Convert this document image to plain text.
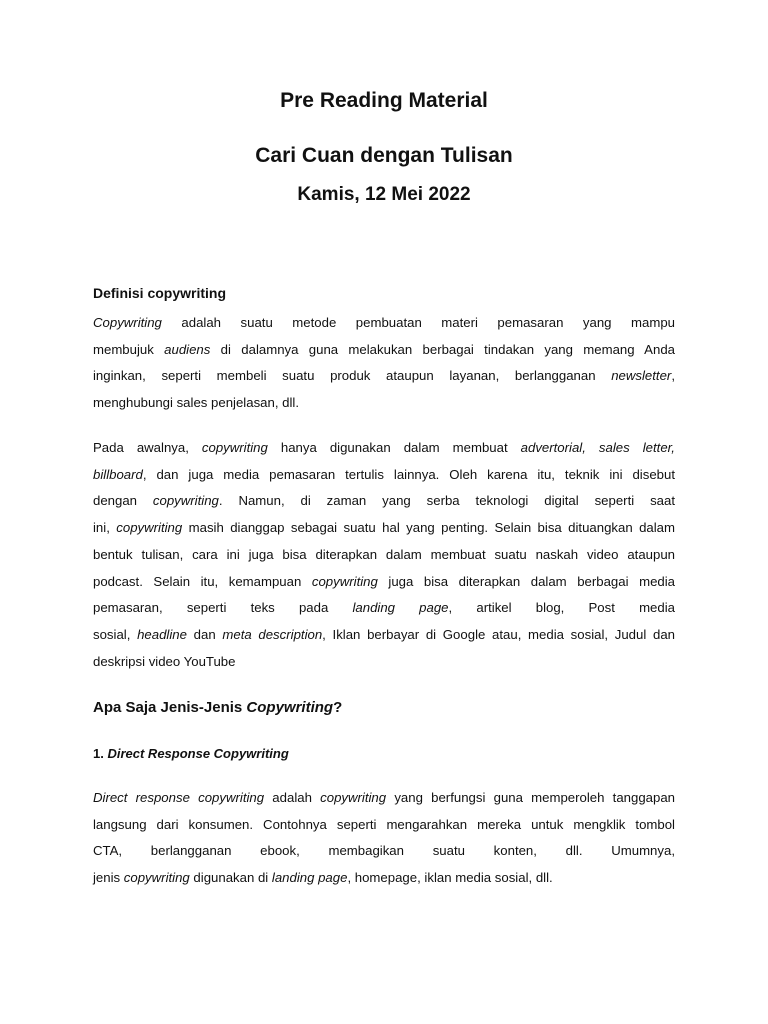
Pre Reading Material
Cari Cuan dengan Tulisan
Kamis, 12 Mei 2022
Definisi copywriting
Copywriting adalah suatu metode pembuatan materi pemasaran yang mampu
membujuk audiens di dalamnya guna melakukan berbagai tindakan yang memang Anda
inginkan, seperti membeli suatu produk ataupun layanan, berlangganan newsletter,
menghubungi sales penjelasan, dll.
Pada awalnya, copywriting hanya digunakan dalam membuat advertorial, sales letter,
billboard, dan juga media pemasaran tertulis lainnya. Oleh karena itu, teknik ini disebut
dengan copywriting. Namun, di zaman yang serba teknologi digital seperti saat
ini, copywriting masih dianggap sebagai suatu hal yang penting. Selain bisa dituangkan dalam
bentuk tulisan, cara ini juga bisa diterapkan dalam membuat suatu naskah video ataupun
podcast. Selain itu, kemampuan copywriting juga bisa diterapkan dalam berbagai media
pemasaran, seperti teks pada landing page, artikel blog, Post media
sosial, headline dan meta description, Iklan berbayar di Google atau, media sosial, Judul dan
deskripsi video YouTube
Apa Saja Jenis-Jenis Copywriting?
1. Direct Response Copywriting
Direct response copywriting adalah copywriting yang berfungsi guna memperoleh tanggapan
langsung dari konsumen. Contohnya seperti mengarahkan mereka untuk mengklik tombol
CTA, berlangganan ebook, membagikan suatu konten, dll. Umumnya,
jenis copywriting digunakan di landing page, homepage, iklan media sosial, dll.
